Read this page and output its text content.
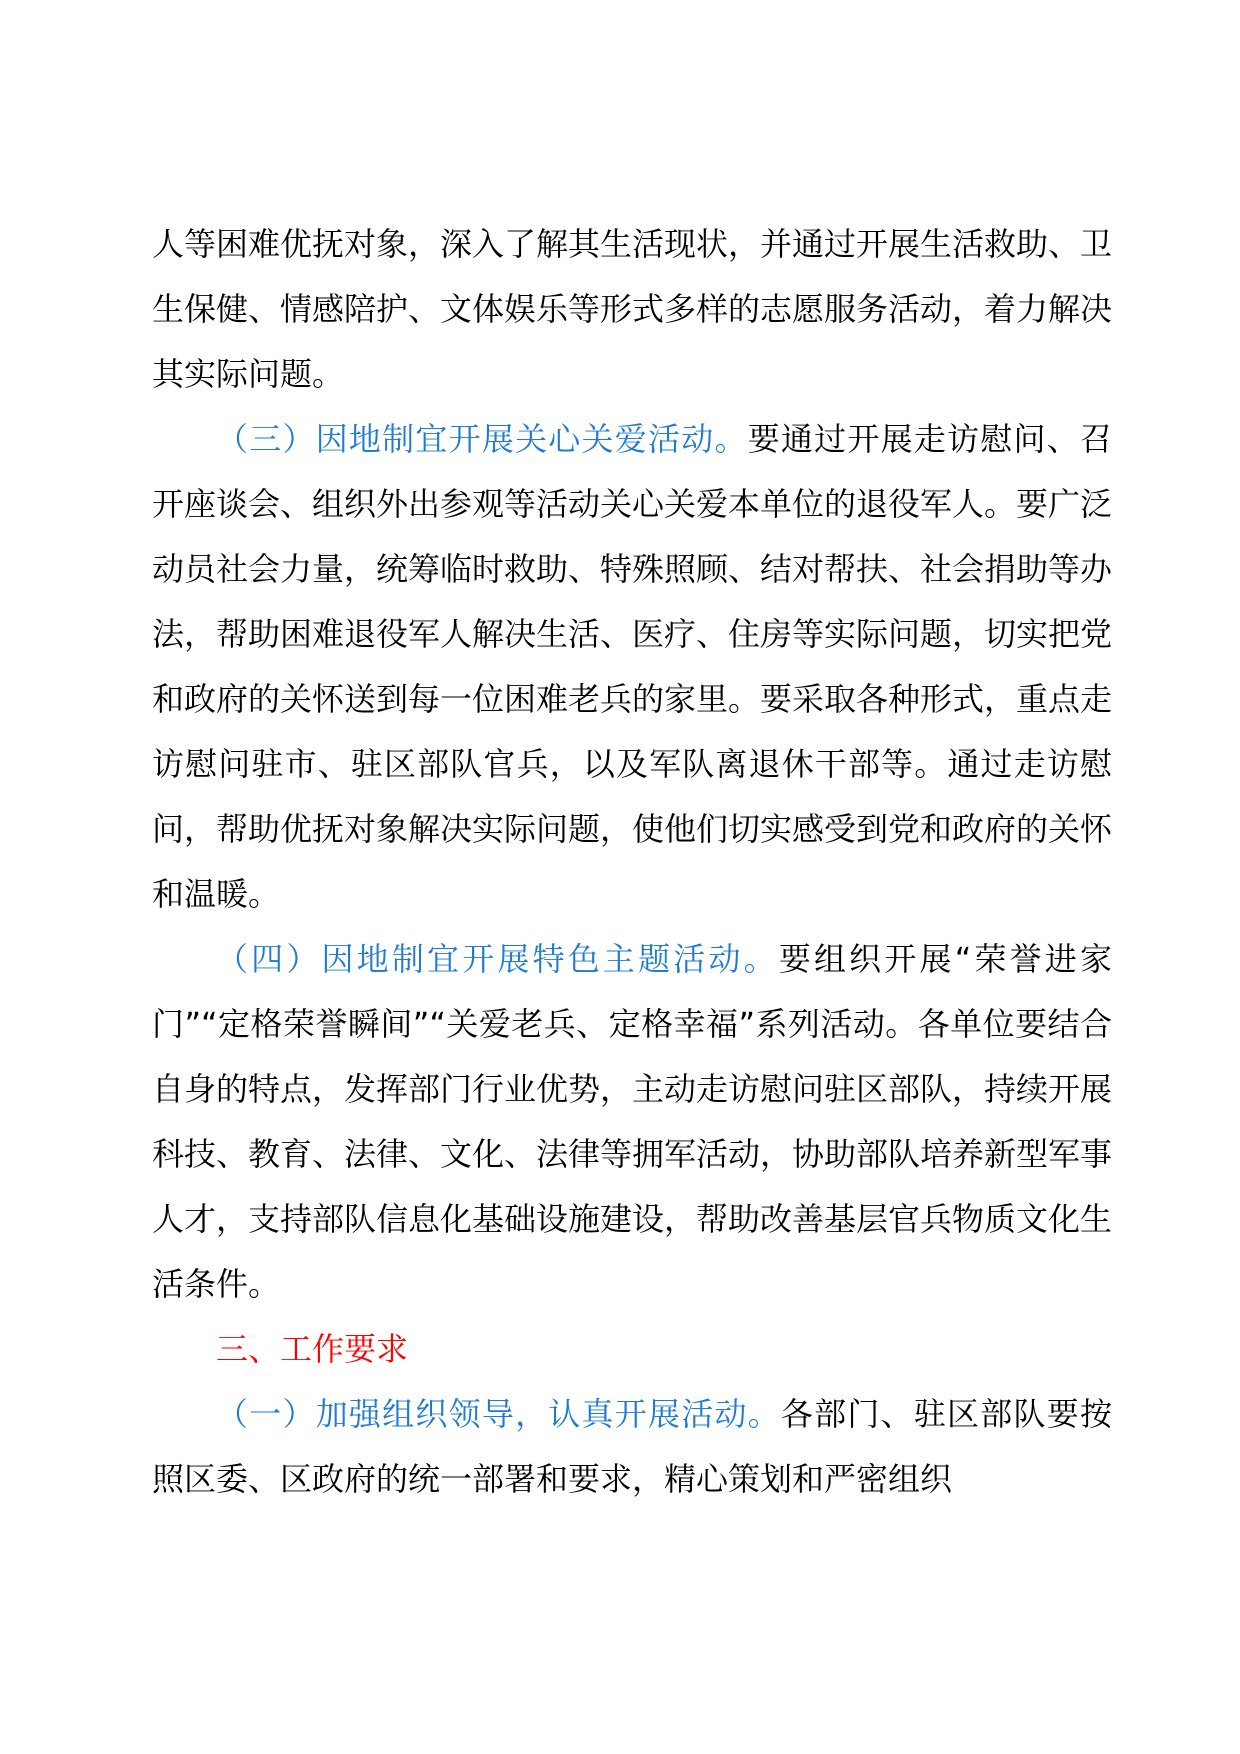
人等困难优抚对象，深入了解其生活现状，并通过开展生活救助、卫生保健、情感陪护、文体娱乐等形式多样的志愿服务活动，着力解决其实际问题。

（三）因地制宜开展关心关爱活动。要通过开展走访慰问、召开座谈会、组织外出参观等活动关心关爱本单位的退役军人。要广泛动员社会力量，统筹临时救助、特殊照顾、结对帮扶、社会捐助等办法，帮助困难退役军人解决生活、医疗、住房等实际问题，切实把党和政府的关怀送到每一位困难老兵的家里。要采取各种形式，重点走访慰问驻市、驻区部队官兵，以及军队离退休干部等。通过走访慰问，帮助优抚对象解决实际问题，使他们切实感受到党和政府的关怀和温暖。

（四）因地制宜开展特色主题活动。要组织开展“荣誉进家门”“定格荣誉瞬间”“关爱老兵、定格幸福”系列活动。各单位要结合自身的特点，发挥部门行业优势，主动走访慰问驻区部队，持续开展科技、教育、法律、文化、法律等拥军活动，协助部队培养新型军事人才，支持部队信息化基础设施建设，帮助改善基层官兵物质文化生活条件。

三、工作要求

（一）加强组织领导，认真开展活动。各部门、驻区部队要按照区委、区政府的统一部署和要求，精心策划和严密组织
